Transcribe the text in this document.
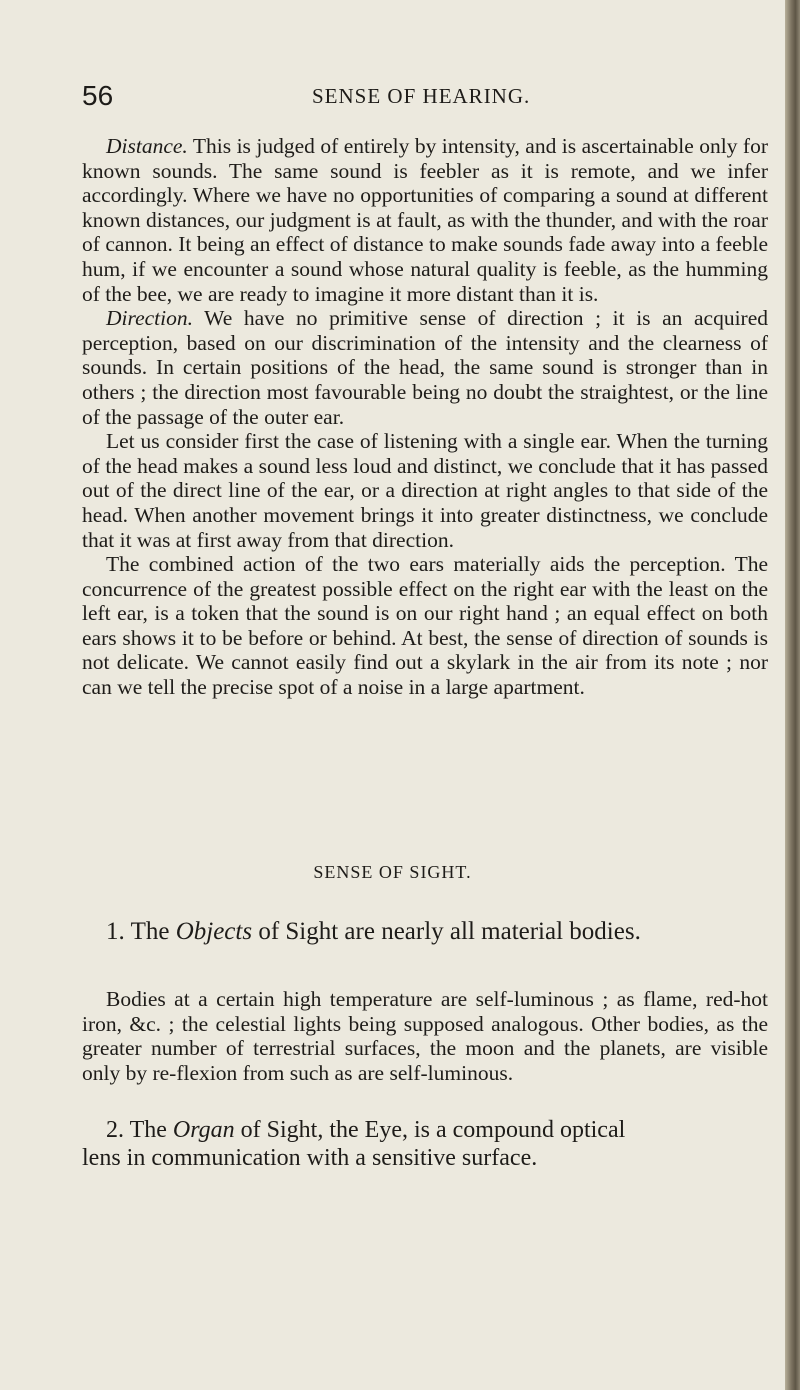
56	SENSE OF HEARING.

Distance. This is judged of entirely by intensity, and is ascertainable only for known sounds. The same sound is feebler as it is remote, and we infer accordingly. Where we have no opportunities of comparing a sound at different known distances, our judgment is at fault, as with the thunder, and with the roar of cannon. It being an effect of distance to make sounds fade away into a feeble hum, if we encounter a sound whose natural quality is feeble, as the humming of the bee, we are ready to imagine it more distant than it is.

Direction. We have no primitive sense of direction ; it is an acquired perception, based on our discrimination of the intensity and the clearness of sounds. In certain positions of the head, the same sound is stronger than in others ; the direction most favourable being no doubt the straightest, or the line of the passage of the outer ear.

Let us consider first the case of listening with a single ear. When the turning of the head makes a sound less loud and distinct, we conclude that it has passed out of the direct line of the ear, or a direction at right angles to that side of the head. When another movement brings it into greater distinctness, we conclude that it was at first away from that direction.

The combined action of the two ears materially aids the perception. The concurrence of the greatest possible effect on the right ear with the least on the left ear, is a token that the sound is on our right hand ; an equal effect on both ears shows it to be before or behind. At best, the sense of direction of sounds is not delicate. We cannot easily find out a skylark in the air from its note ; nor can we tell the precise spot of a noise in a large apartment.

SENSE OF SIGHT.
1. The Objects of Sight are nearly all material bodies.

Bodies at a certain high temperature are self-luminous ; as flame, red-hot iron, &c. ; the celestial lights being supposed analogous. Other bodies, as the greater number of terrestrial surfaces, the moon and the planets, are visible only by re-flexion from such as are self-luminous.

2. The Organ of Sight, the Eye, is a compound optical
lens in communication with a sensitive surface.
